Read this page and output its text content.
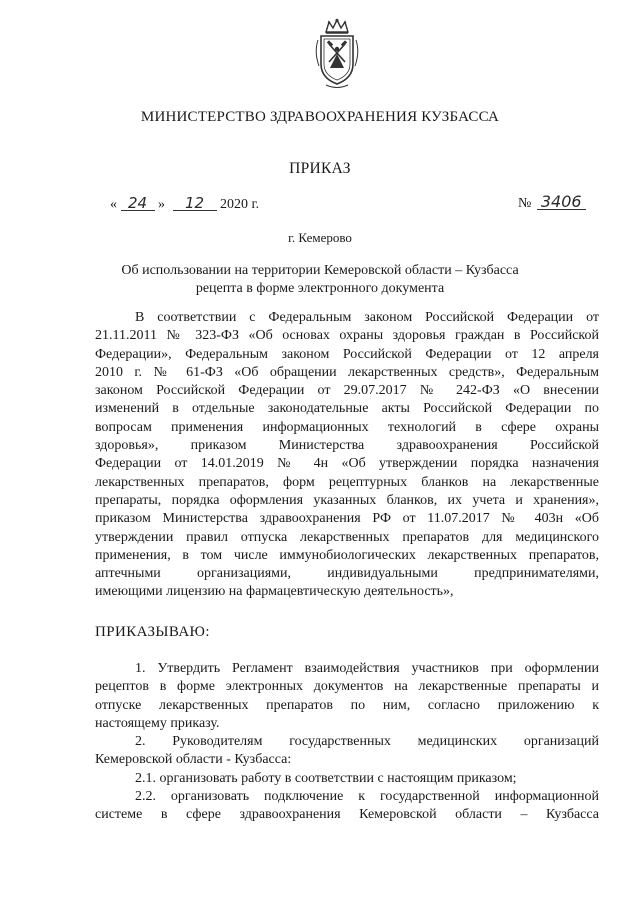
МИНИСТЕРСТВО ЗДРАВООХРАНЕНИЯ КУЗБАССА
ПРИКАЗ
« 24 » 12 2020 г.	№ 3406
г. Кемерово
Об использовании на территории Кемеровской области – Кузбасса
рецепта в форме электронного документа
В соответствии с Федеральным законом Российской Федерации от
21.11.2011 № 323-ФЗ «Об основах охраны здоровья граждан в Российской
Федерации», Федеральным законом Российской Федерации от 12 апреля
2010 г. № 61-ФЗ «Об обращении лекарственных средств», Федеральным
законом Российской Федерации от 29.07.2017 № 242-ФЗ «О внесении
изменений в отдельные законодательные акты Российской Федерации по
вопросам применения информационных технологий в сфере охраны
здоровья», приказом Министерства здравоохранения Российской
Федерации от 14.01.2019 № 4н «Об утверждении порядка назначения
лекарственных препаратов, форм рецептурных бланков на лекарственные
препараты, порядка оформления указанных бланков, их учета и хранения»,
приказом Министерства здравоохранения РФ от 11.07.2017 № 403н «Об
утверждении правил отпуска лекарственных препаратов для медицинского
применения, в том числе иммунобиологических лекарственных препаратов,
аптечными организациями, индивидуальными предпринимателями,
имеющими лицензию на фармацевтическую деятельность»,
ПРИКАЗЫВАЮ:
1. Утвердить Регламент взаимодействия участников при оформлении
рецептов в форме электронных документов на лекарственные препараты и
отпуске лекарственных препаратов по ним, согласно приложению к
настоящему приказу.
2. Руководителям государственных медицинских организаций
Кемеровской области - Кузбасса:
2.1. организовать работу в соответствии с настоящим приказом;
2.2. организовать подключение к государственной информационной
системе в сфере здравоохранения Кемеровской области – Кузбасса
